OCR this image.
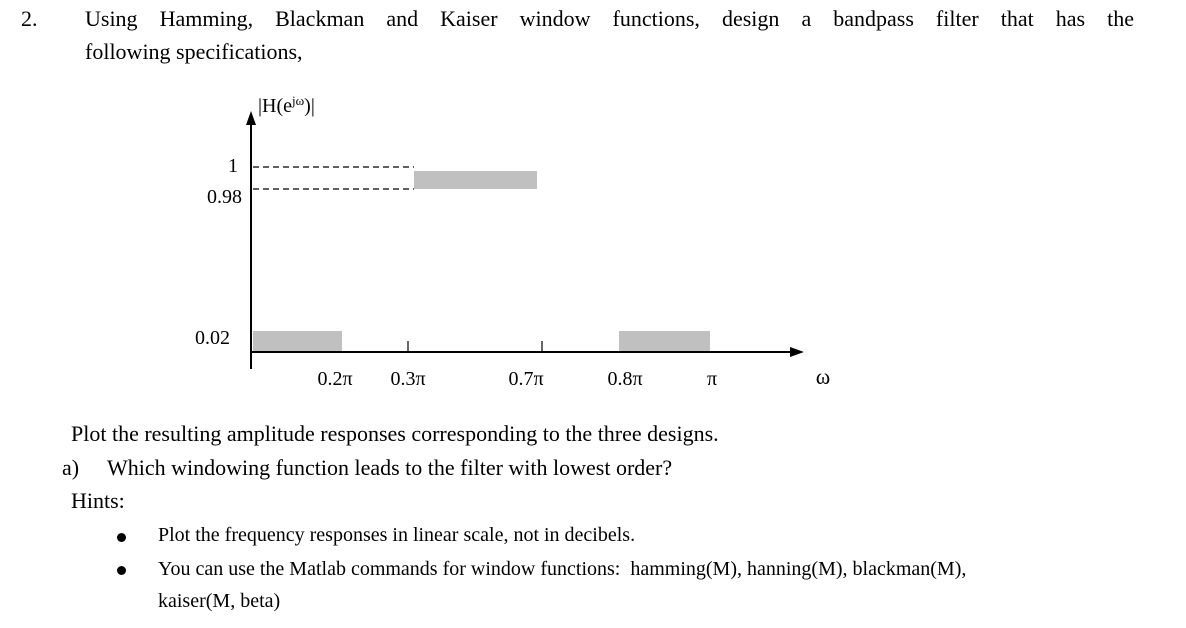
2. Using Hamming, Blackman and Kaiser window functions, design a bandpass filter that has the
following specifications,
$|H(e^{j\omega})|$
1
0.98
0.02
0.2π 0.3π	0.7π	0.8π	π	ω
Plot the resulting amplitude responses corresponding to the three designs.
a) Which windowing function leads to the filter with lowest order?
Hints:
Plot the frequency responses in linear scale, not in decibels.
You can use the Matlab commands for window functions:  hamming(M), hanning(M), blackman(M),
kaiser(M, beta)
